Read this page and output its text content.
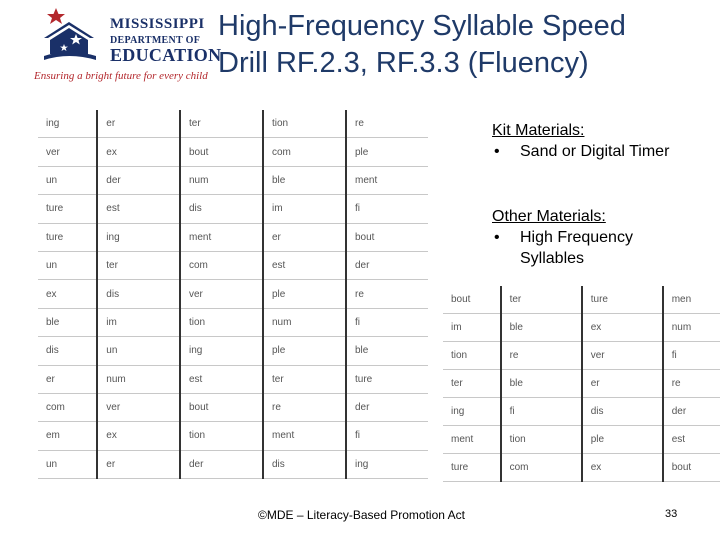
MISSISSIPPI
DEPARTMENT OF
EDUCATION
Ensuring a bright future for every child
High-Frequency Syllable Speed
Drill RF.2.3, RF.3.3 (Fluency)
ing	er	ter	tion	re
ver	ex	bout	com	ple
un	der	num	ble	ment
ture	est	dis	im	fi
ture	ing	ment	er	bout
un	ter	com	est	der
ex	dis	ver	ple	re
ble	im	tion	num	fi
dis	un	ing	ple	ble
er	num	est	ter	ture
com	ver	bout	re	der
em	ex	tion	ment	fi
un	er	der	dis	ing
bout	ter	ture	men
im	ble	ex	num
tion	re	ver	fi
ter	ble	er	re
ing	fi	dis	der
ment	tion	ple	est
ture	com	ex	bout
Kit Materials:
•	Sand or Digital Timer
Other Materials:
•	High Frequency Syllables
©MDE – Literacy-Based Promotion Act	33
